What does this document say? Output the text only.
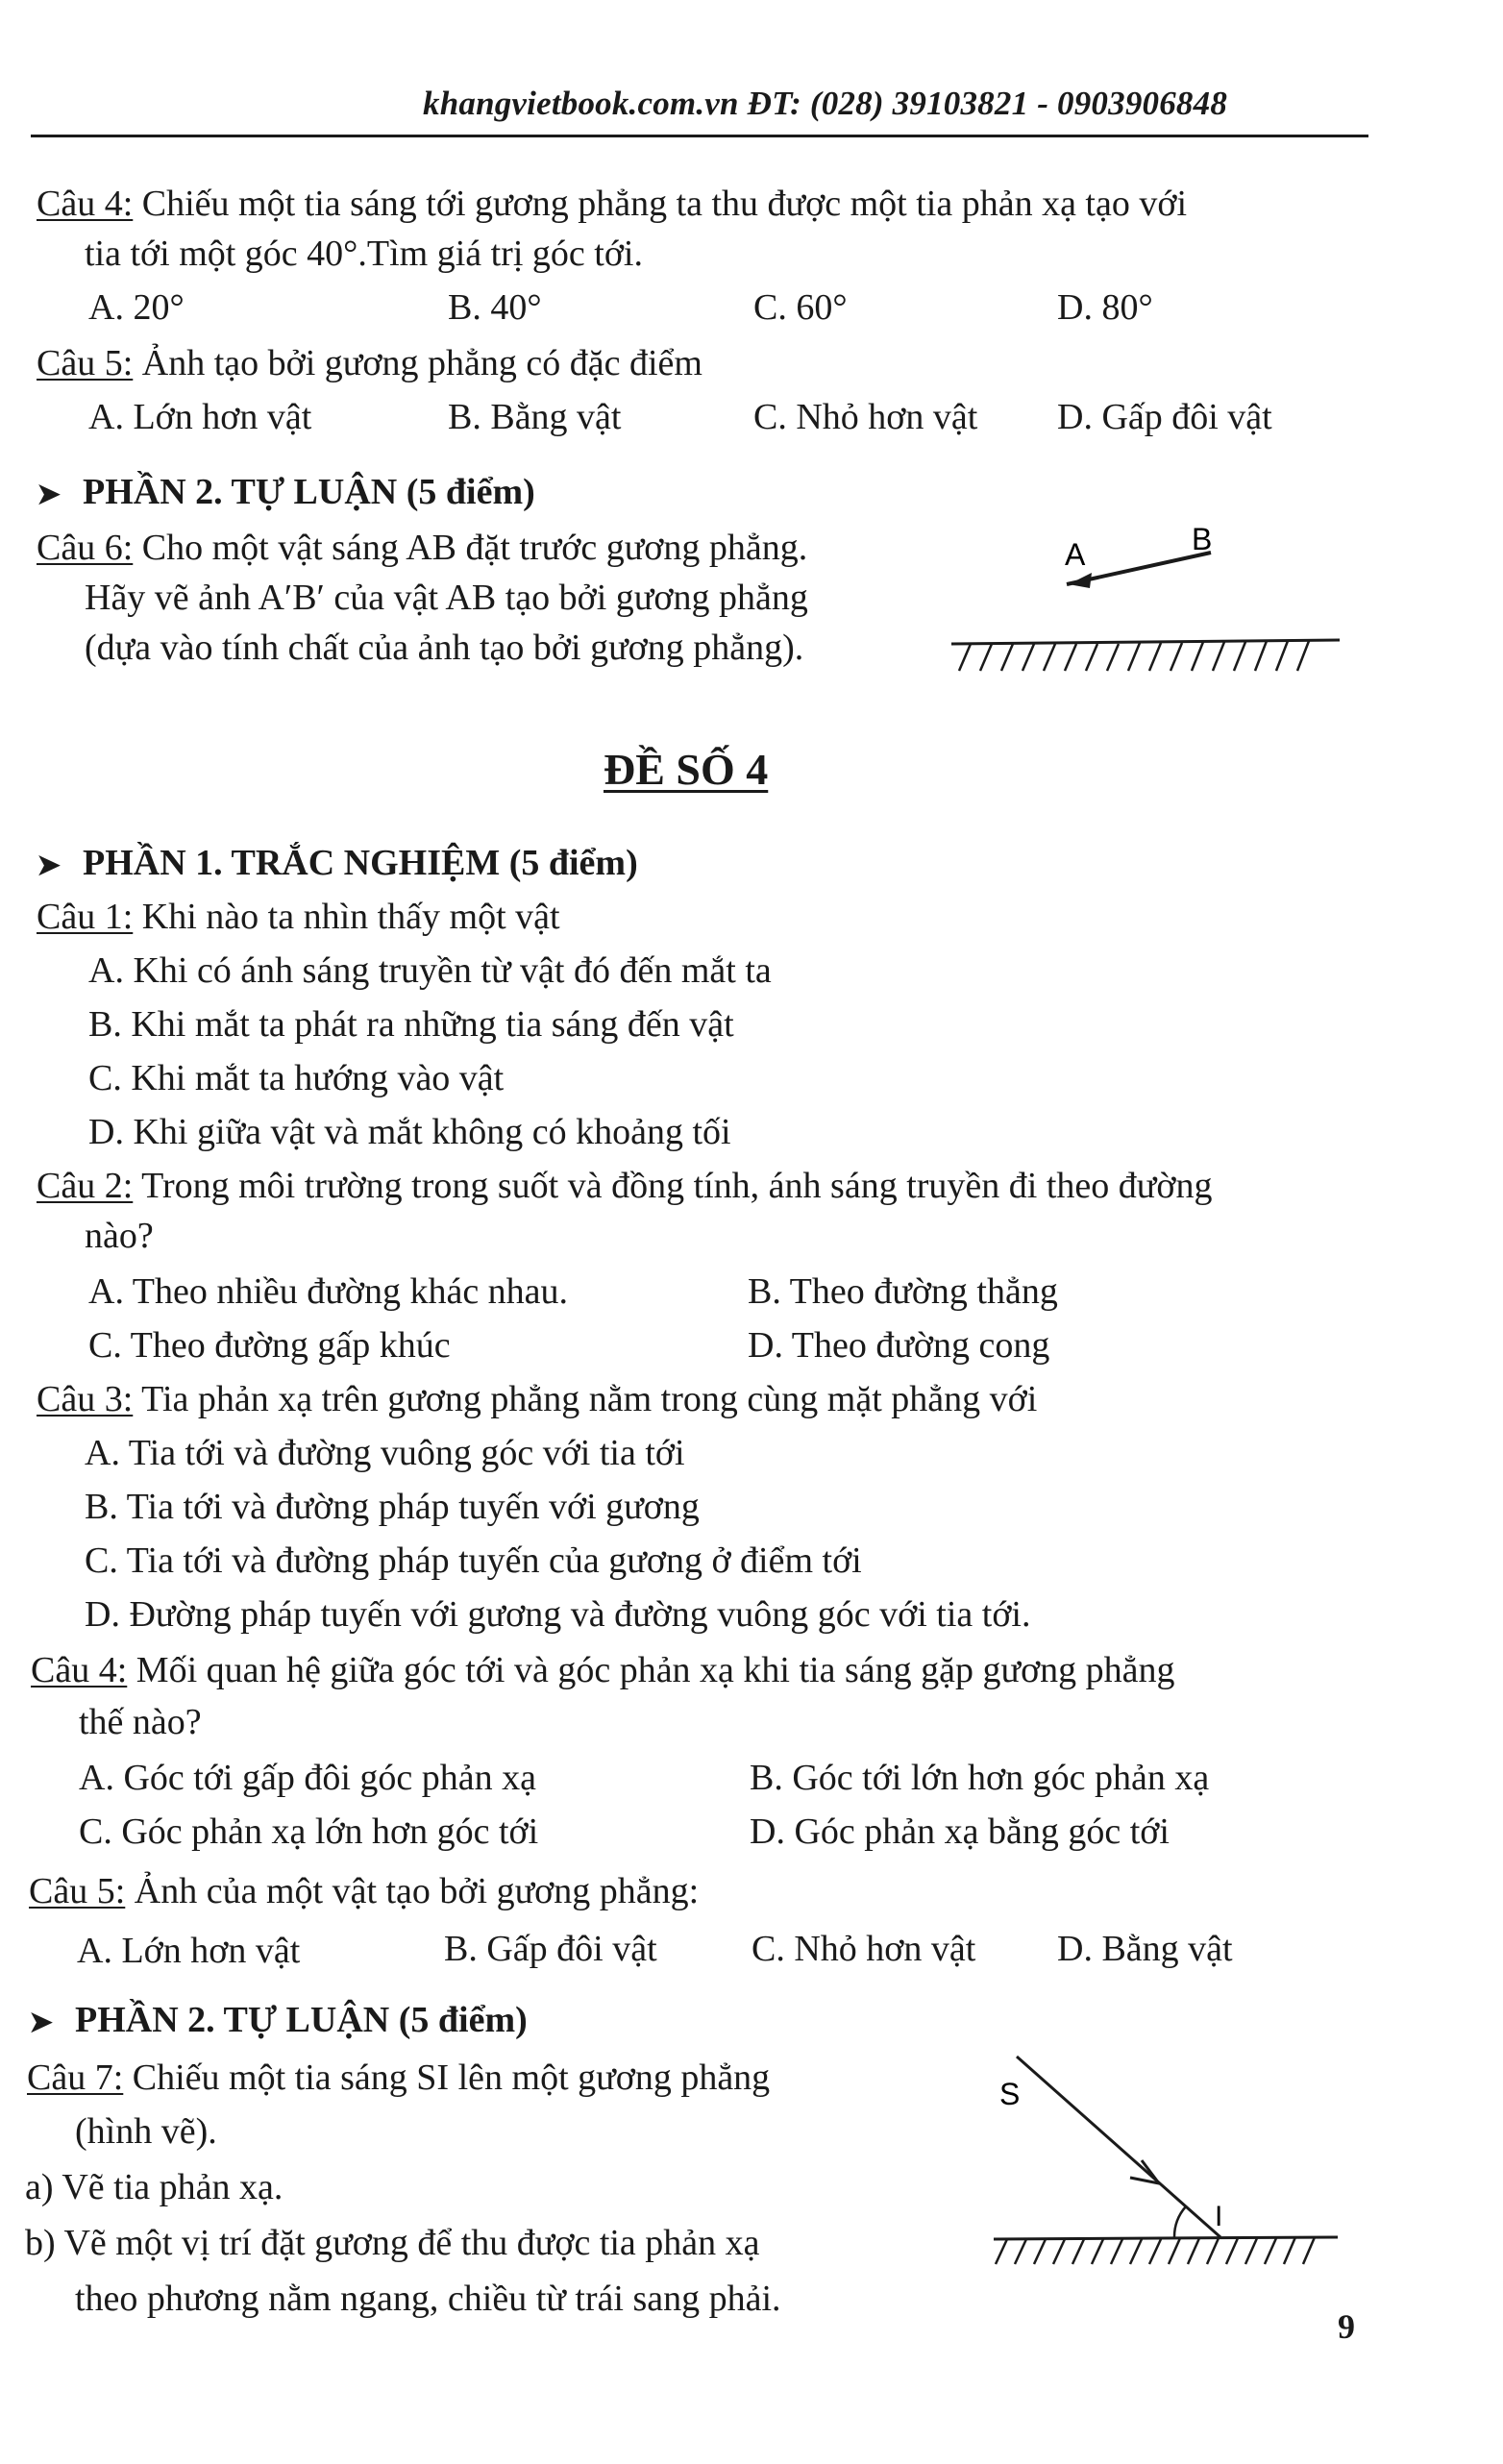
khangvietbook.com.vn ĐT: (028) 39103821 - 0903906848
Câu 4: Chiếu một tia sáng tới gương phẳng ta thu được một tia phản xạ tạo với
tia tới một góc 40°.Tìm giá trị góc tới.
A. 20°	B. 40°	C. 60°	D. 80°
Câu 5: Ảnh tạo bởi gương phẳng có đặc điểm
A. Lớn hơn vật	B. Bằng vật	C. Nhỏ hơn vật D. Gấp đôi vật
➤ PHẦN 2. TỰ LUẬN (5 điểm)
Câu 6: Cho một vật sáng AB đặt trước gương phẳng.
Hãy vẽ ảnh A′B′ của vật AB tạo bởi gương phẳng
(dựa vào tính chất của ảnh tạo bởi gương phẳng).
A	B
ĐỀ SỐ 4
➤ PHẦN 1. TRẮC NGHIỆM (5 điểm)
Câu 1: Khi nào ta nhìn thấy một vật
A. Khi có ánh sáng truyền từ vật đó đến mắt ta
B. Khi mắt ta phát ra những tia sáng đến vật
C. Khi mắt ta hướng vào vật
D. Khi giữa vật và mắt không có khoảng tối
Câu 2: Trong môi trường trong suốt và đồng tính, ánh sáng truyền đi theo đường
nào?
A. Theo nhiều đường khác nhau.	B. Theo đường thẳng
C. Theo đường gấp khúc	D. Theo đường cong
Câu 3: Tia phản xạ trên gương phẳng nằm trong cùng mặt phẳng với
A. Tia tới và đường vuông góc với tia tới
B. Tia tới và đường pháp tuyến với gương
C. Tia tới và đường pháp tuyến của gương ở điểm tới
D. Đường pháp tuyến với gương và đường vuông góc với tia tới.
Câu 4: Mối quan hệ giữa góc tới và góc phản xạ khi tia sáng gặp gương phẳng
thế nào?
A. Góc tới gấp đôi góc phản xạ	B. Góc tới lớn hơn góc phản xạ
C. Góc phản xạ lớn hơn góc tới	D. Góc phản xạ bằng góc tới
Câu 5: Ảnh của một vật tạo bởi gương phẳng:
A. Lớn hơn vật	B. Gấp đôi vật	C. Nhỏ hơn vật D. Bằng vật
➤ PHẦN 2. TỰ LUẬN (5 điểm)
Câu 7: Chiếu một tia sáng SI lên một gương phẳng
(hình vẽ).
a) Vẽ tia phản xạ.
b) Vẽ một vị trí đặt gương để thu được tia phản xạ
theo phương nằm ngang, chiều từ trái sang phải.
S
I
9
